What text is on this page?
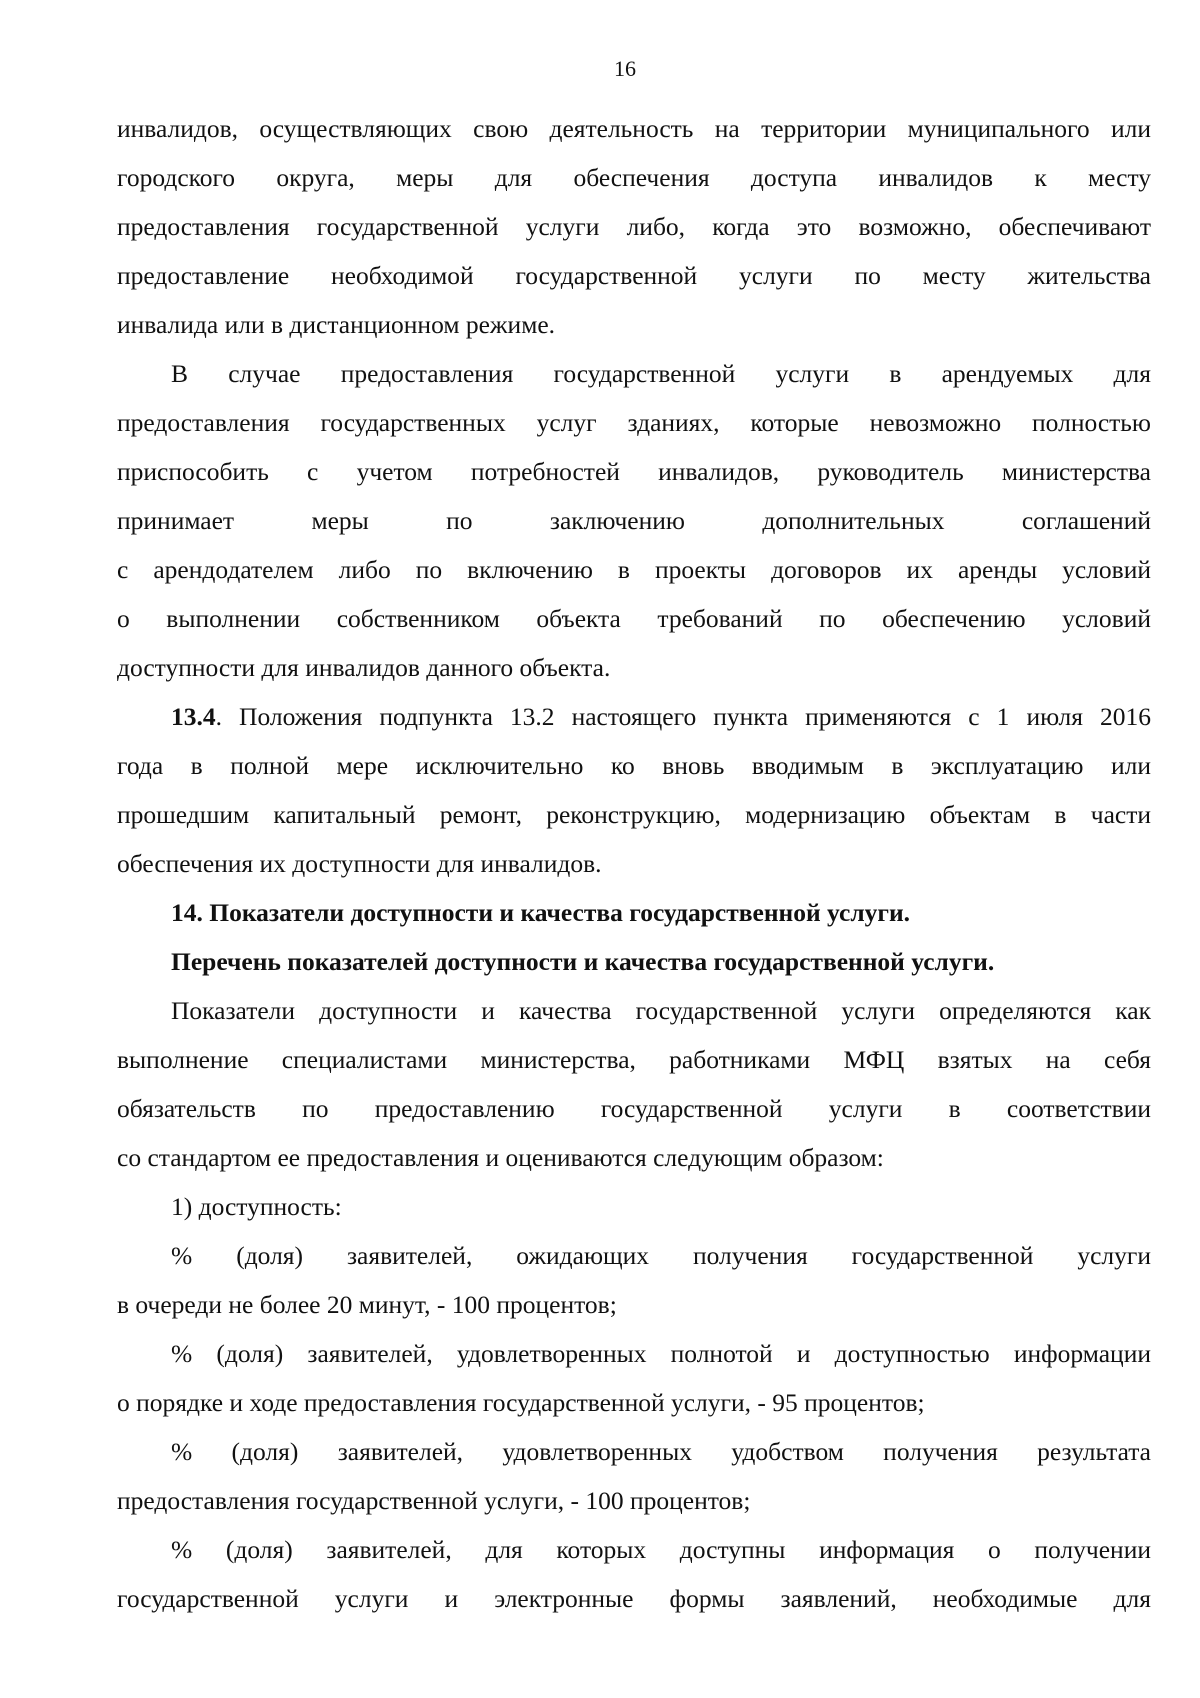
16
инвалидов, осуществляющих свою деятельность на территории муниципального или
городского округа, меры для обеспечения доступа инвалидов к месту
предоставления государственной услуги либо, когда это возможно, обеспечивают
предоставление необходимой государственной услуги по месту жительства
инвалида или в дистанционном режиме.
В случае предоставления государственной услуги в арендуемых для
предоставления государственных услуг зданиях, которые невозможно полностью
приспособить с учетом потребностей инвалидов, руководитель министерства
принимает меры по заключению дополнительных соглашений
с арендодателем либо по включению в проекты договоров их аренды условий
о выполнении собственником объекта требований по обеспечению условий
доступности для инвалидов данного объекта.
13.4. Положения подпункта 13.2 настоящего пункта применяются с 1 июля 2016
года в полной мере исключительно ко вновь вводимым в эксплуатацию или
прошедшим капитальный ремонт, реконструкцию, модернизацию объектам в части
обеспечения их доступности для инвалидов.
14. Показатели доступности и качества государственной услуги.
Перечень показателей доступности и качества государственной услуги.
Показатели доступности и качества государственной услуги определяются как
выполнение специалистами министерства, работниками МФЦ взятых на себя
обязательств по предоставлению государственной услуги в соответствии
со стандартом ее предоставления и оцениваются следующим образом:
1) доступность:
% (доля) заявителей, ожидающих получения государственной услуги
в очереди не более 20 минут, - 100 процентов;
% (доля) заявителей, удовлетворенных полнотой и доступностью информации
о порядке и ходе предоставления государственной услуги, - 95 процентов;
% (доля) заявителей, удовлетворенных удобством получения результата
предоставления государственной услуги, - 100 процентов;
% (доля) заявителей, для которых доступны информация о получении
государственной услуги и электронные формы заявлений, необходимые для
